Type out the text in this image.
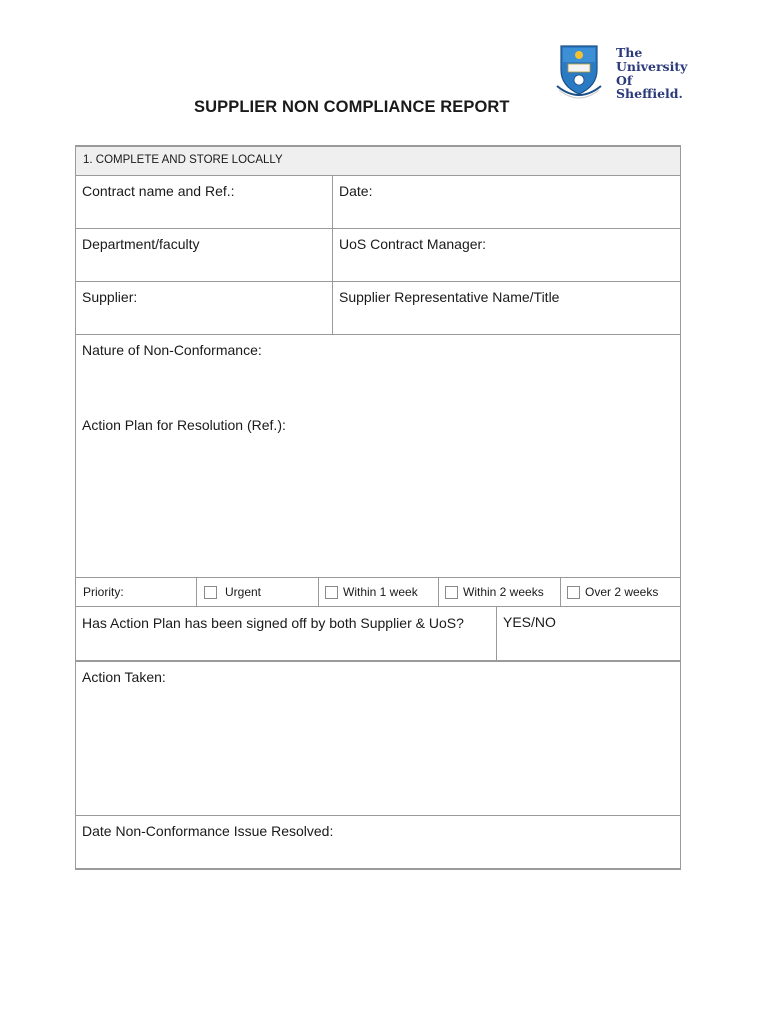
SUPPLIER NON COMPLIANCE REPORT
The
University
Of
Sheffield.
1. COMPLETE AND STORE LOCALLY
Contract name and Ref.:	Date:
Department/faculty	UoS Contract Manager:
Supplier:	Supplier Representative Name/Title
Nature of Non-Conformance:
Action Plan for Resolution (Ref.):
Priority:	Urgent	Within 1 week	Within 2 weeks	Over 2 weeks
Has Action Plan has been signed off by both Supplier & UoS?	YES/NO
Action Taken:
Date Non-Conformance Issue Resolved:
